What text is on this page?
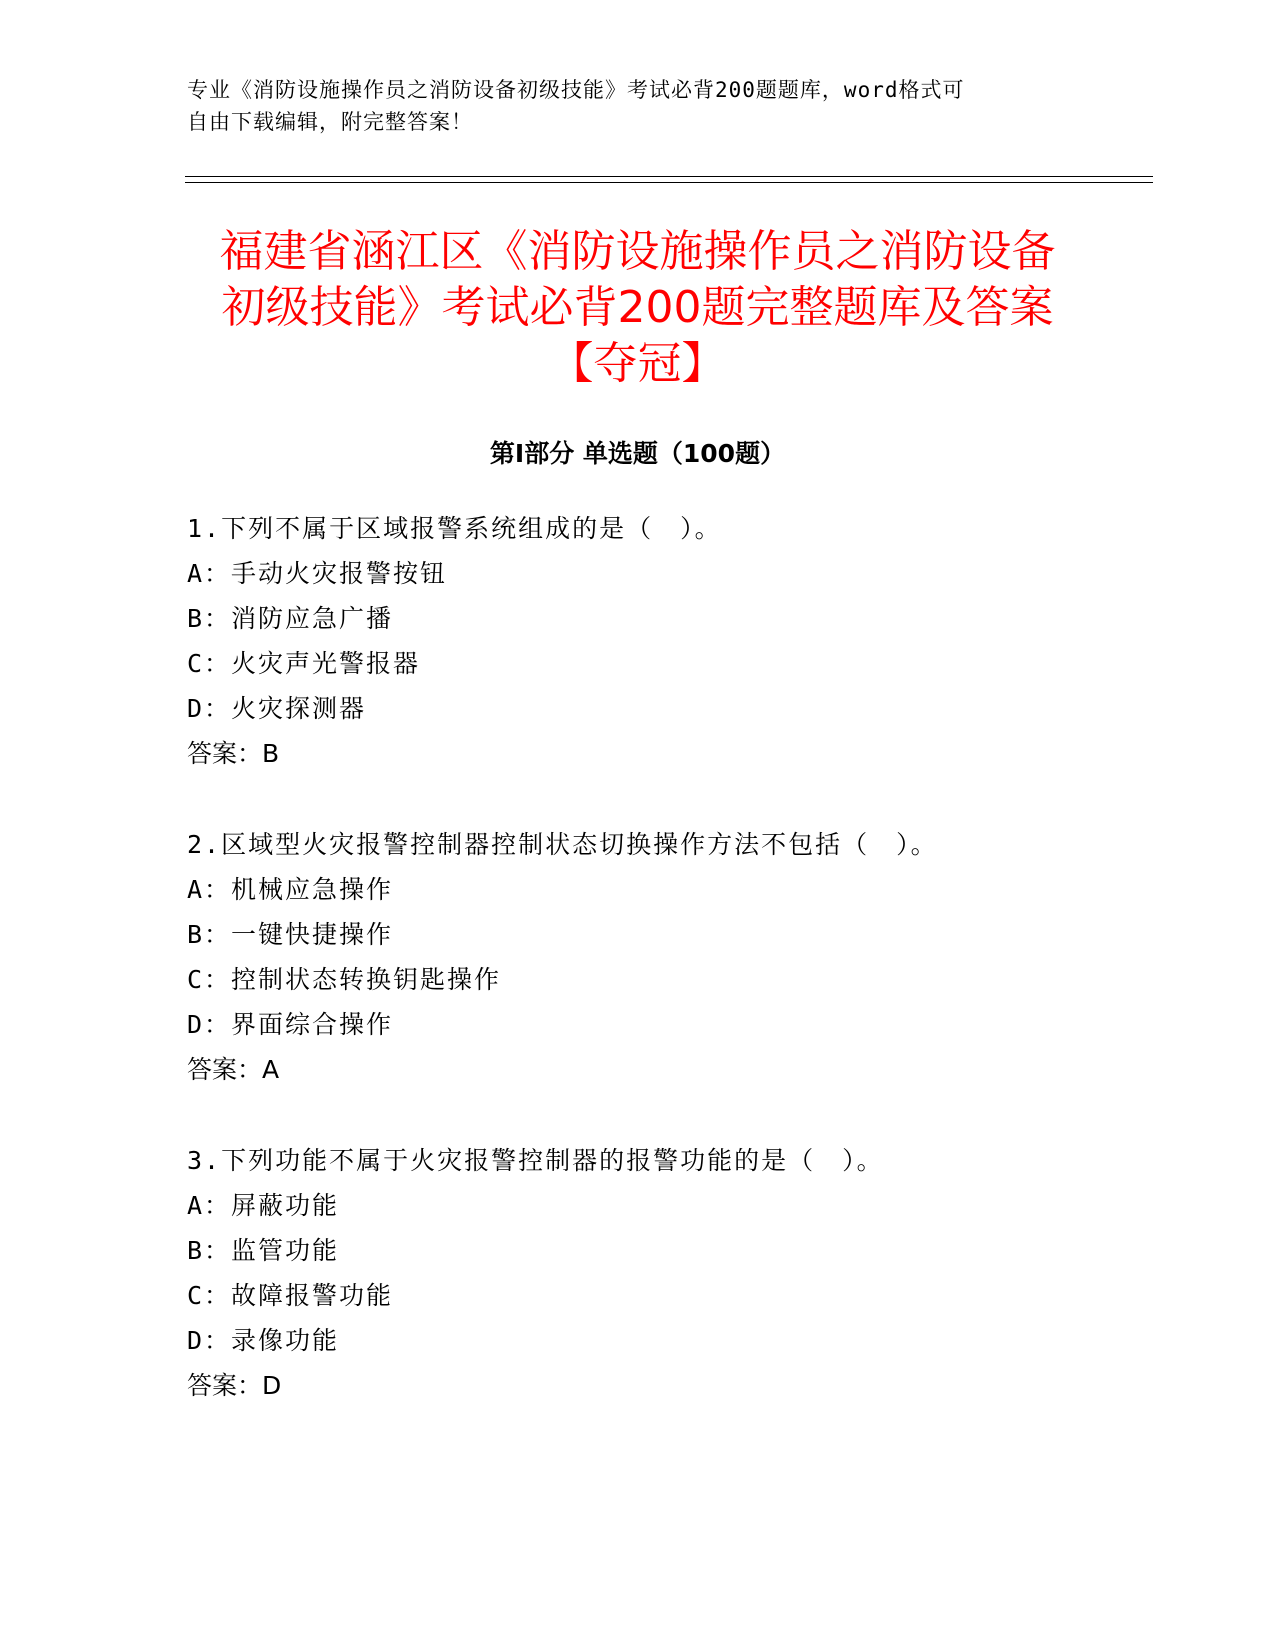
专业《消防设施操作员之消防设备初级技能》考试必背200题题库，word格式可
自由下载编辑，附完整答案！
福建省涵江区《消防设施操作员之消防设备
初级技能》考试必背200题完整题库及答案
【夺冠】
第Ⅰ部分 单选题（100题）
1.下列不属于区域报警系统组成的是（　）。
A：手动火灾报警按钮
B：消防应急广播
C：火灾声光警报器
D：火灾探测器
答案：B
2.区域型火灾报警控制器控制状态切换操作方法不包括（　）。
A：机械应急操作
B：一键快捷操作
C：控制状态转换钥匙操作
D：界面综合操作
答案：A
3.下列功能不属于火灾报警控制器的报警功能的是（　）。
A：屏蔽功能
B：监管功能
C：故障报警功能
D：录像功能
答案：D
